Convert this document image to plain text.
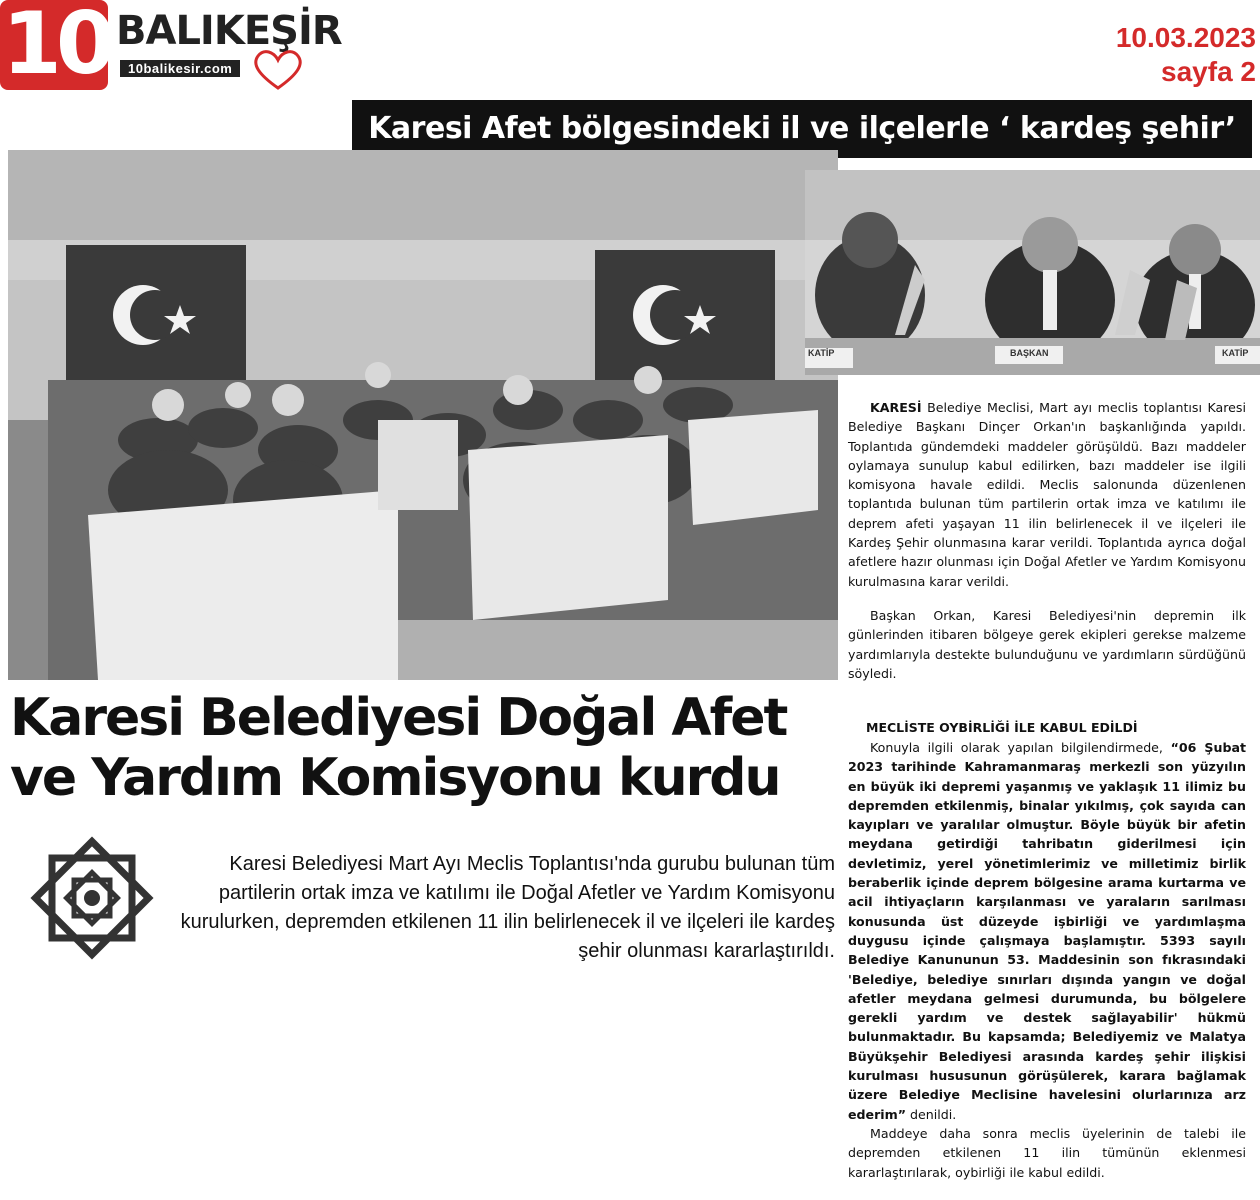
10 BALIKEŞİR
10balikesir.com
10.03.2023
sayfa 2
Karesi Afet bölgesindeki il ve ilçelerle ‘ kardeş şehir’
KATİP	BAŞKAN	KATİP

KARESİ Belediye Meclisi, Mart ayı meclis toplantısı Karesi Belediye Başkanı Dinçer Orkan'ın başkanlığında yapıldı. Toplantıda gündemdeki maddeler görüşüldü. Bazı maddeler oylamaya sunulup kabul edilirken, bazı maddeler ise ilgili komisyona havale edildi. Meclis salonunda düzenlenen toplantıda bulunan tüm partilerin ortak imza ve katılımı ile deprem afeti yaşayan 11 ilin belirlenecek il ve ilçeleri ile Kardeş Şehir olunmasına karar verildi. Toplantıda ayrıca doğal afetlere hazır olunması için Doğal Afetler ve Yardım Komisyonu kurulmasına karar verildi.

Başkan Orkan, Karesi Belediyesi'nin depremin ilk günlerinden itibaren bölgeye gerek ekipleri gerekse malzeme yardımlarıyla destekte bulunduğunu ve yardımların sürdüğünü söyledi.

MECLİSTE OYBİRLİĞİ İLE KABUL EDİLDİ

Konuyla ilgili olarak yapılan bilgilendirmede, “06 Şubat 2023 tarihinde Kahramanmaraş merkezli son yüzyılın en büyük iki depremi yaşanmış ve yaklaşık 11 ilimiz bu depremden etkilenmiş, binalar yıkılmış, çok sayıda can kayıpları ve yaralılar olmuştur. Böyle büyük bir afetin meydana getirdiği tahribatın giderilmesi için devletimiz, yerel yönetimlerimiz ve milletimiz birlik beraberlik içinde deprem bölgesine arama kurtarma ve acil ihtiyaçların karşılanması ve yaraların sarılması konusunda üst düzeyde işbirliği ve yardımlaşma duygusu içinde çalışmaya başlamıştır. 5393 sayılı Belediye Kanununun 53. Maddesinin son fıkrasındaki 'Belediye, belediye sınırları dışında yangın ve doğal afetler meydana gelmesi durumunda, bu bölgelere gerekli yardım ve destek sağlayabilir' hükmü bulunmaktadır. Bu kapsamda; Belediyemiz ve Malatya Büyükşehir Belediyesi arasında kardeş şehir ilişkisi kurulması hususunun görüşülerek, karara bağlamak üzere Belediye Meclisine havelesini olurlarınıza arz ederim” denildi.

Maddeye daha sonra meclis üyelerinin de talebi ile depremden etkilenen 11 ilin tümünün eklenmesi kararlaştırılarak, oybirliği ile kabul edildi.

Karesi Belediyesi Doğal Afet
ve Yardım Komisyonu kurdu
Karesi Belediyesi Mart Ayı Meclis Toplantısı'nda gurubu bulunan tüm partilerin ortak imza ve katılımı ile Doğal Afetler ve Yardım Komisyonu kurulurken, depremden etkilenen 11 ilin belirlenecek il ve ilçeleri ile kardeş şehir olunması kararlaştırıldı.
